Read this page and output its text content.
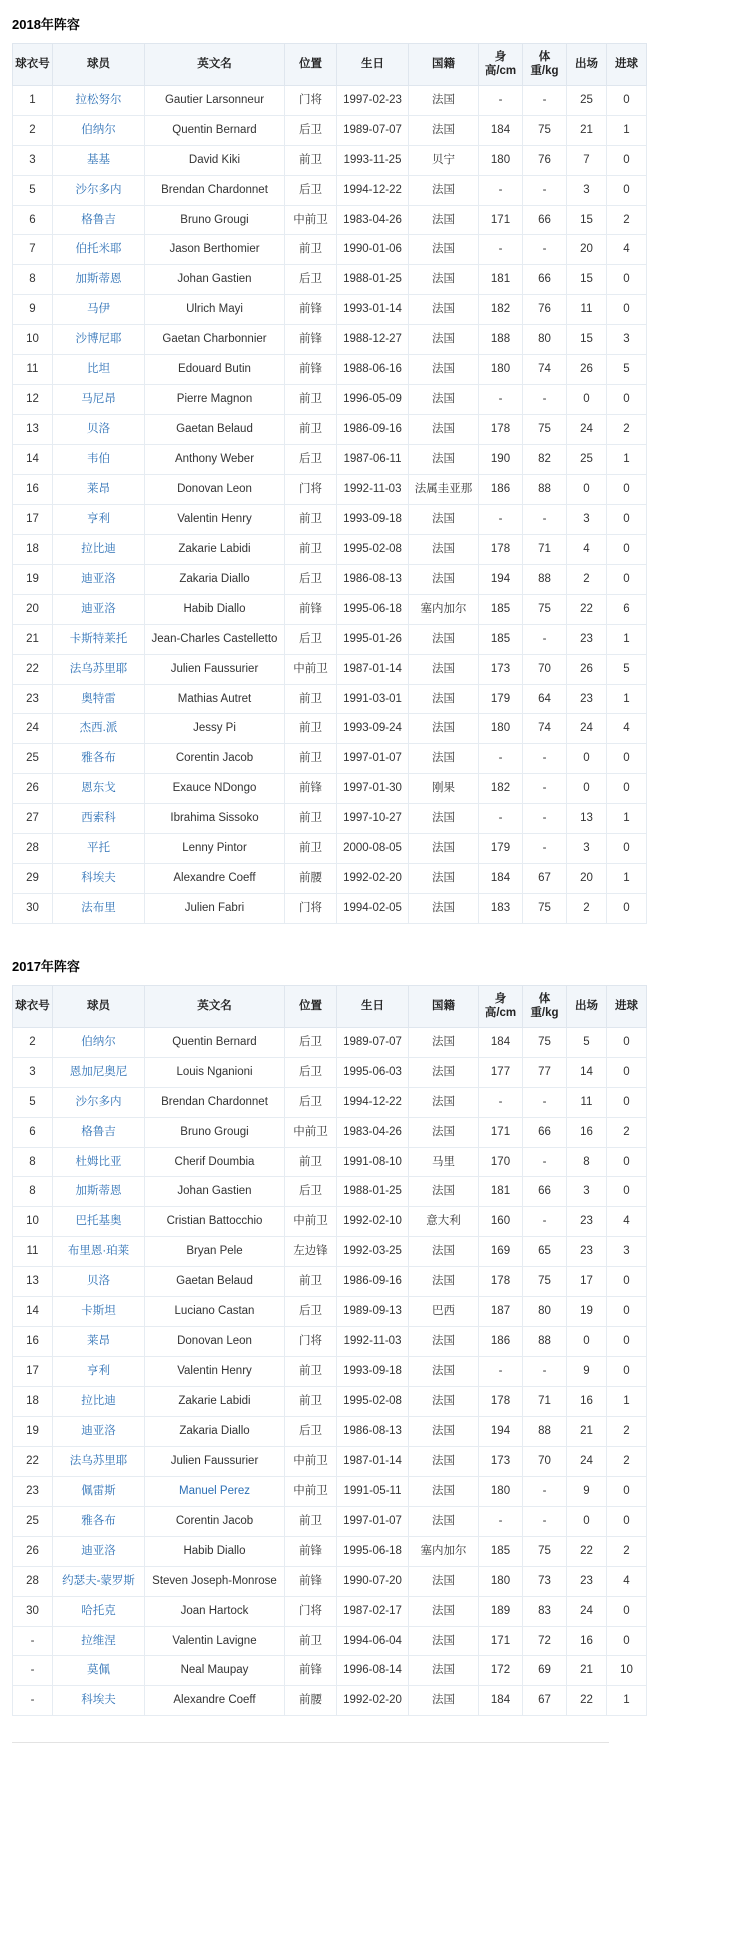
2018年阵容
球衣号	球员	英文名	位置	生日	国籍	身高/cm	体重/kg	出场	进球
1	拉松努尔	Gautier Larsonneur	门将	1997-02-23	法国	-	-	25	0
2	伯纳尔	Quentin Bernard	后卫	1989-07-07	法国	184	75	21	1
3	基基	David Kiki	前卫	1993-11-25	贝宁	180	76	7	0
5	沙尔多内	Brendan Chardonnet	后卫	1994-12-22	法国	-	-	3	0
6	格鲁吉	Bruno Grougi	中前卫	1983-04-26	法国	171	66	15	2
7	伯托米耶	Jason Berthomier	前卫	1990-01-06	法国	-	-	20	4
8	加斯蒂恩	Johan Gastien	后卫	1988-01-25	法国	181	66	15	0
9	马伊	Ulrich Mayi	前锋	1993-01-14	法国	182	76	11	0
10	沙博尼耶	Gaetan Charbonnier	前锋	1988-12-27	法国	188	80	15	3
11	比坦	Edouard Butin	前锋	1988-06-16	法国	180	74	26	5
12	马尼昂	Pierre Magnon	前卫	1996-05-09	法国	-	-	0	0
13	贝洛	Gaetan Belaud	前卫	1986-09-16	法国	178	75	24	2
14	韦伯	Anthony Weber	后卫	1987-06-11	法国	190	82	25	1
16	莱昂	Donovan Leon	门将	1992-11-03	法属圭亚那	186	88	0	0
17	亨利	Valentin Henry	前卫	1993-09-18	法国	-	-	3	0
18	拉比迪	Zakarie Labidi	前卫	1995-02-08	法国	178	71	4	0
19	迪亚洛	Zakaria Diallo	后卫	1986-08-13	法国	194	88	2	0
20	迪亚洛	Habib Diallo	前锋	1995-06-18	塞内加尔	185	75	22	6
21	卡斯特莱托	Jean-Charles Castelletto	后卫	1995-01-26	法国	185	-	23	1
22	法乌苏里耶	Julien Faussurier	中前卫	1987-01-14	法国	173	70	26	5
23	奥特雷	Mathias Autret	前卫	1991-03-01	法国	179	64	23	1
24	杰西.派	Jessy Pi	前卫	1993-09-24	法国	180	74	24	4
25	雅各布	Corentin Jacob	前卫	1997-01-07	法国	-	-	0	0
26	恩东戈	Exauce NDongo	前锋	1997-01-30	刚果	182	-	0	0
27	西索科	Ibrahima Sissoko	前卫	1997-10-27	法国	-	-	13	1
28	平托	Lenny Pintor	前卫	2000-08-05	法国	179	-	3	0
29	科埃夫	Alexandre Coeff	前腰	1992-02-20	法国	184	67	20	1
30	法布里	Julien Fabri	门将	1994-02-05	法国	183	75	2	0
2017年阵容
球衣号	球员	英文名	位置	生日	国籍	身高/cm	体重/kg	出场	进球
2	伯纳尔	Quentin Bernard	后卫	1989-07-07	法国	184	75	5	0
3	恩加尼奥尼	Louis Nganioni	后卫	1995-06-03	法国	177	77	14	0
5	沙尔多内	Brendan Chardonnet	后卫	1994-12-22	法国	-	-	11	0
6	格鲁吉	Bruno Grougi	中前卫	1983-04-26	法国	171	66	16	2
8	杜姆比亚	Cherif Doumbia	前卫	1991-08-10	马里	170	-	8	0
8	加斯蒂恩	Johan Gastien	后卫	1988-01-25	法国	181	66	3	0
10	巴托基奥	Cristian Battocchio	中前卫	1992-02-10	意大利	160	-	23	4
11	布里恩·珀莱	Bryan Pele	左边锋	1992-03-25	法国	169	65	23	3
13	贝洛	Gaetan Belaud	前卫	1986-09-16	法国	178	75	17	0
14	卡斯坦	Luciano Castan	后卫	1989-09-13	巴西	187	80	19	0
16	莱昂	Donovan Leon	门将	1992-11-03	法国	186	88	0	0
17	亨利	Valentin Henry	前卫	1993-09-18	法国	-	-	9	0
18	拉比迪	Zakarie Labidi	前卫	1995-02-08	法国	178	71	16	1
19	迪亚洛	Zakaria Diallo	后卫	1986-08-13	法国	194	88	21	2
22	法乌苏里耶	Julien Faussurier	中前卫	1987-01-14	法国	173	70	24	2
23	佩雷斯	Manuel Perez	中前卫	1991-05-11	法国	180	-	9	0
25	雅各布	Corentin Jacob	前卫	1997-01-07	法国	-	-	0	0
26	迪亚洛	Habib Diallo	前锋	1995-06-18	塞内加尔	185	75	22	2
28	约瑟夫-蒙罗斯	Steven Joseph-Monrose	前锋	1990-07-20	法国	180	73	23	4
30	哈托克	Joan Hartock	门将	1987-02-17	法国	189	83	24	0
-	拉维涅	Valentin Lavigne	前卫	1994-06-04	法国	171	72	16	0
-	莫佩	Neal Maupay	前锋	1996-08-14	法国	172	69	21	10
-	科埃夫	Alexandre Coeff	前腰	1992-02-20	法国	184	67	22	1
